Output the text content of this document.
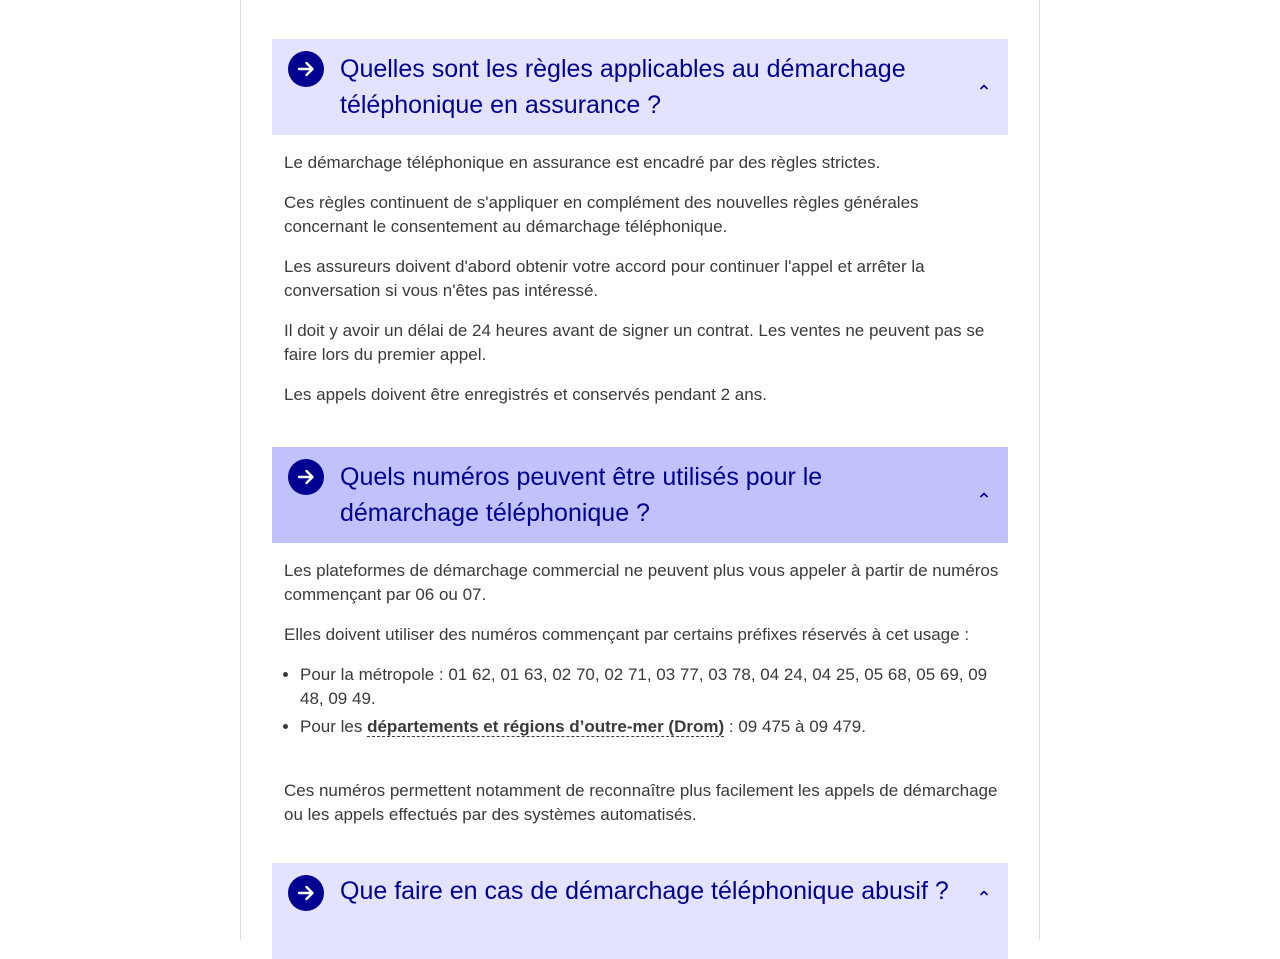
Quelles sont les règles applicables au démarchage téléphonique en assurance ?

Le démarchage téléphonique en assurance est encadré par des règles strictes.

Ces règles continuent de s'appliquer en complément des nouvelles règles générales concernant le consentement au démarchage téléphonique.

Les assureurs doivent d'abord obtenir votre accord pour continuer l'appel et arrêter la conversation si vous n'êtes pas intéressé.

Il doit y avoir un délai de 24 heures avant de signer un contrat. Les ventes ne peuvent pas se faire lors du premier appel.

Les appels doivent être enregistrés et conservés pendant 2 ans.

Quels numéros peuvent être utilisés pour le démarchage téléphonique ?

Les plateformes de démarchage commercial ne peuvent plus vous appeler à partir de numéros commençant par 06 ou 07.

Elles doivent utiliser des numéros commençant par certains préfixes réservés à cet usage :

• Pour la métropole : 01 62, 01 63, 02 70, 02 71, 03 77, 03 78, 04 24, 04 25, 05 68, 05 69, 09 48, 09 49.
• Pour les départements et régions d’outre-mer (Drom) : 09 475 à 09 479.

Ces numéros permettent notamment de reconnaître plus facilement les appels de démarchage ou les appels effectués par des systèmes automatisés.

Que faire en cas de démarchage téléphonique abusif ?
